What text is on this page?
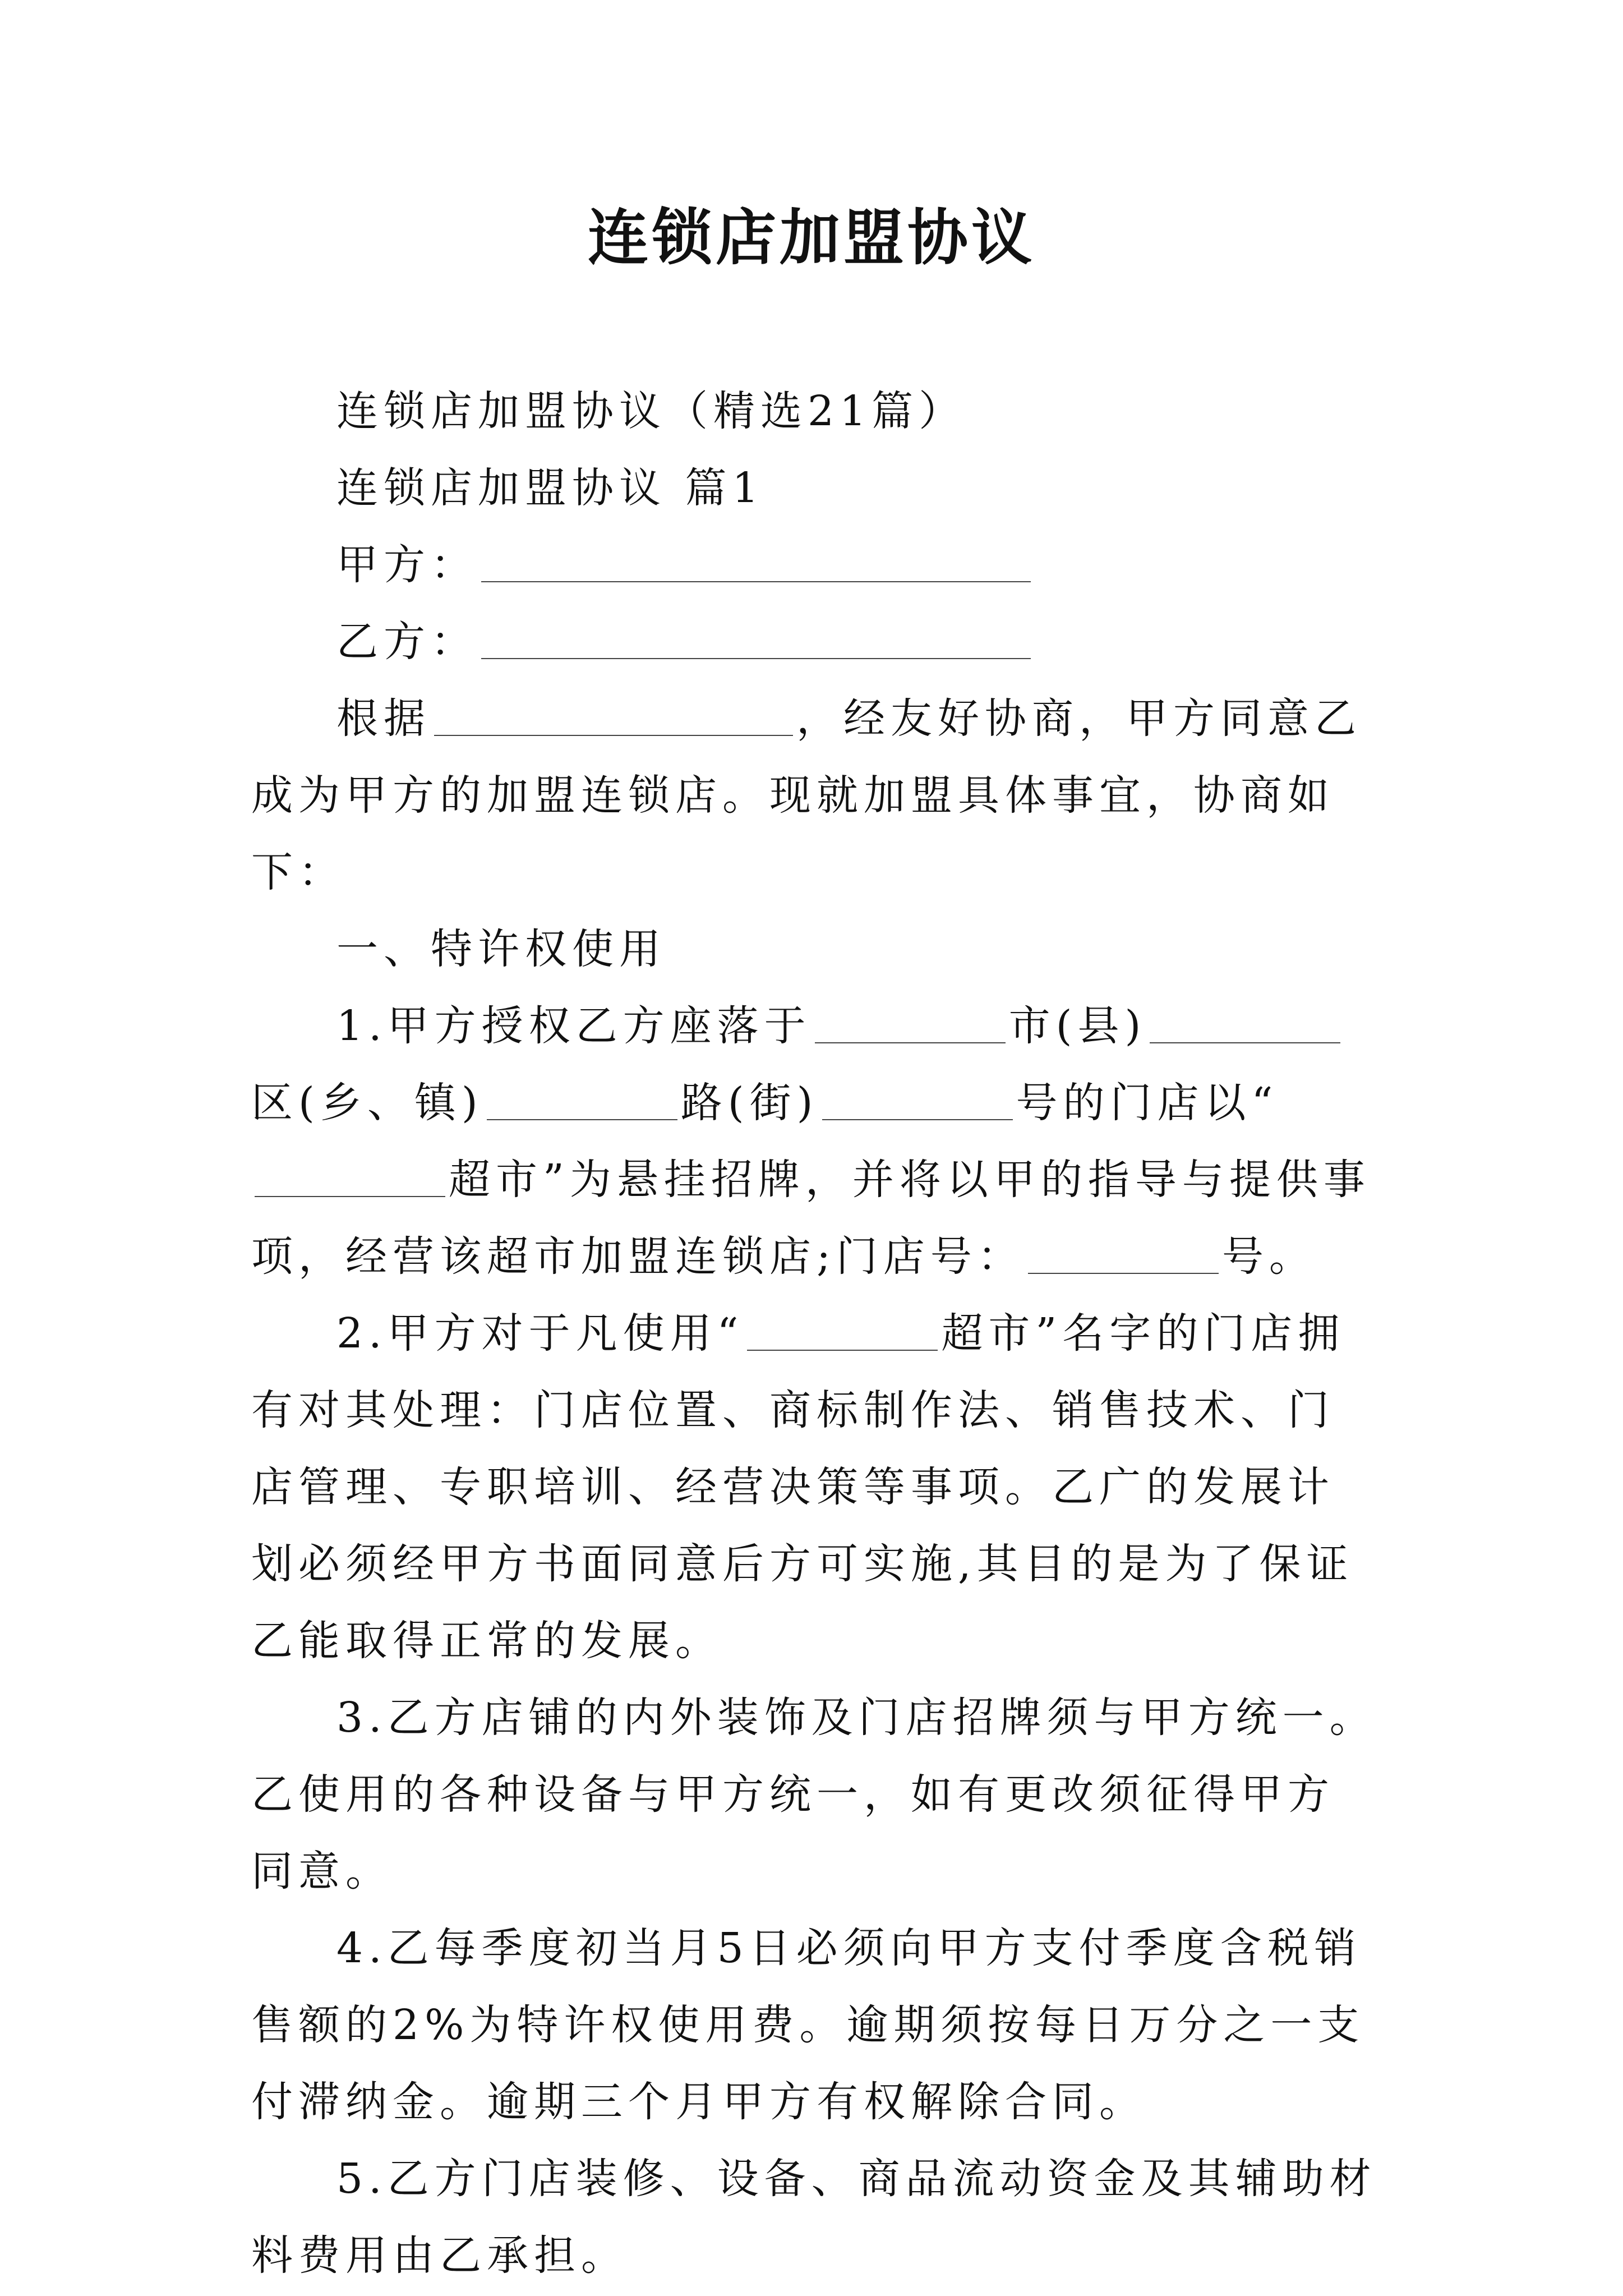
连锁店加盟协议

连锁店加盟协议（精选21篇）

连锁店加盟协议 篇1

甲方：

乙方：

根据	，经友好协商，甲方同意乙成为甲方的加盟连锁店。现就加盟具体事宜，协商如下：

一、特许权使用

1.甲方授权乙方座落于	市(县)区(乡、镇)	路(街)	号的门店以“超市”为悬挂招牌，并将以甲的指导与提供事项，经营该超市加盟连锁店;门店号：	号。

2.甲方对于凡使用“	超市”名字的门店拥有对其处理：门店位置、商标制作法、销售技术、门店管理、专职培训、经营决策等事项。乙广的发展计划必须经甲方书面同意后方可实施,其目的是为了保证乙能取得正常的发展。

3.乙方店铺的内外装饰及门店招牌须与甲方统一。乙使用的各种设备与甲方统一，如有更改须征得甲方同意。

4.乙每季度初当月5日必须向甲方支付季度含税销售额的2%为特许权使用费。逾期须按每日万分之一支付滞纳金。逾期三个月甲方有权解除合同。

5.乙方门店装修、设备、商品流动资金及其辅助材料费用由乙承担。
